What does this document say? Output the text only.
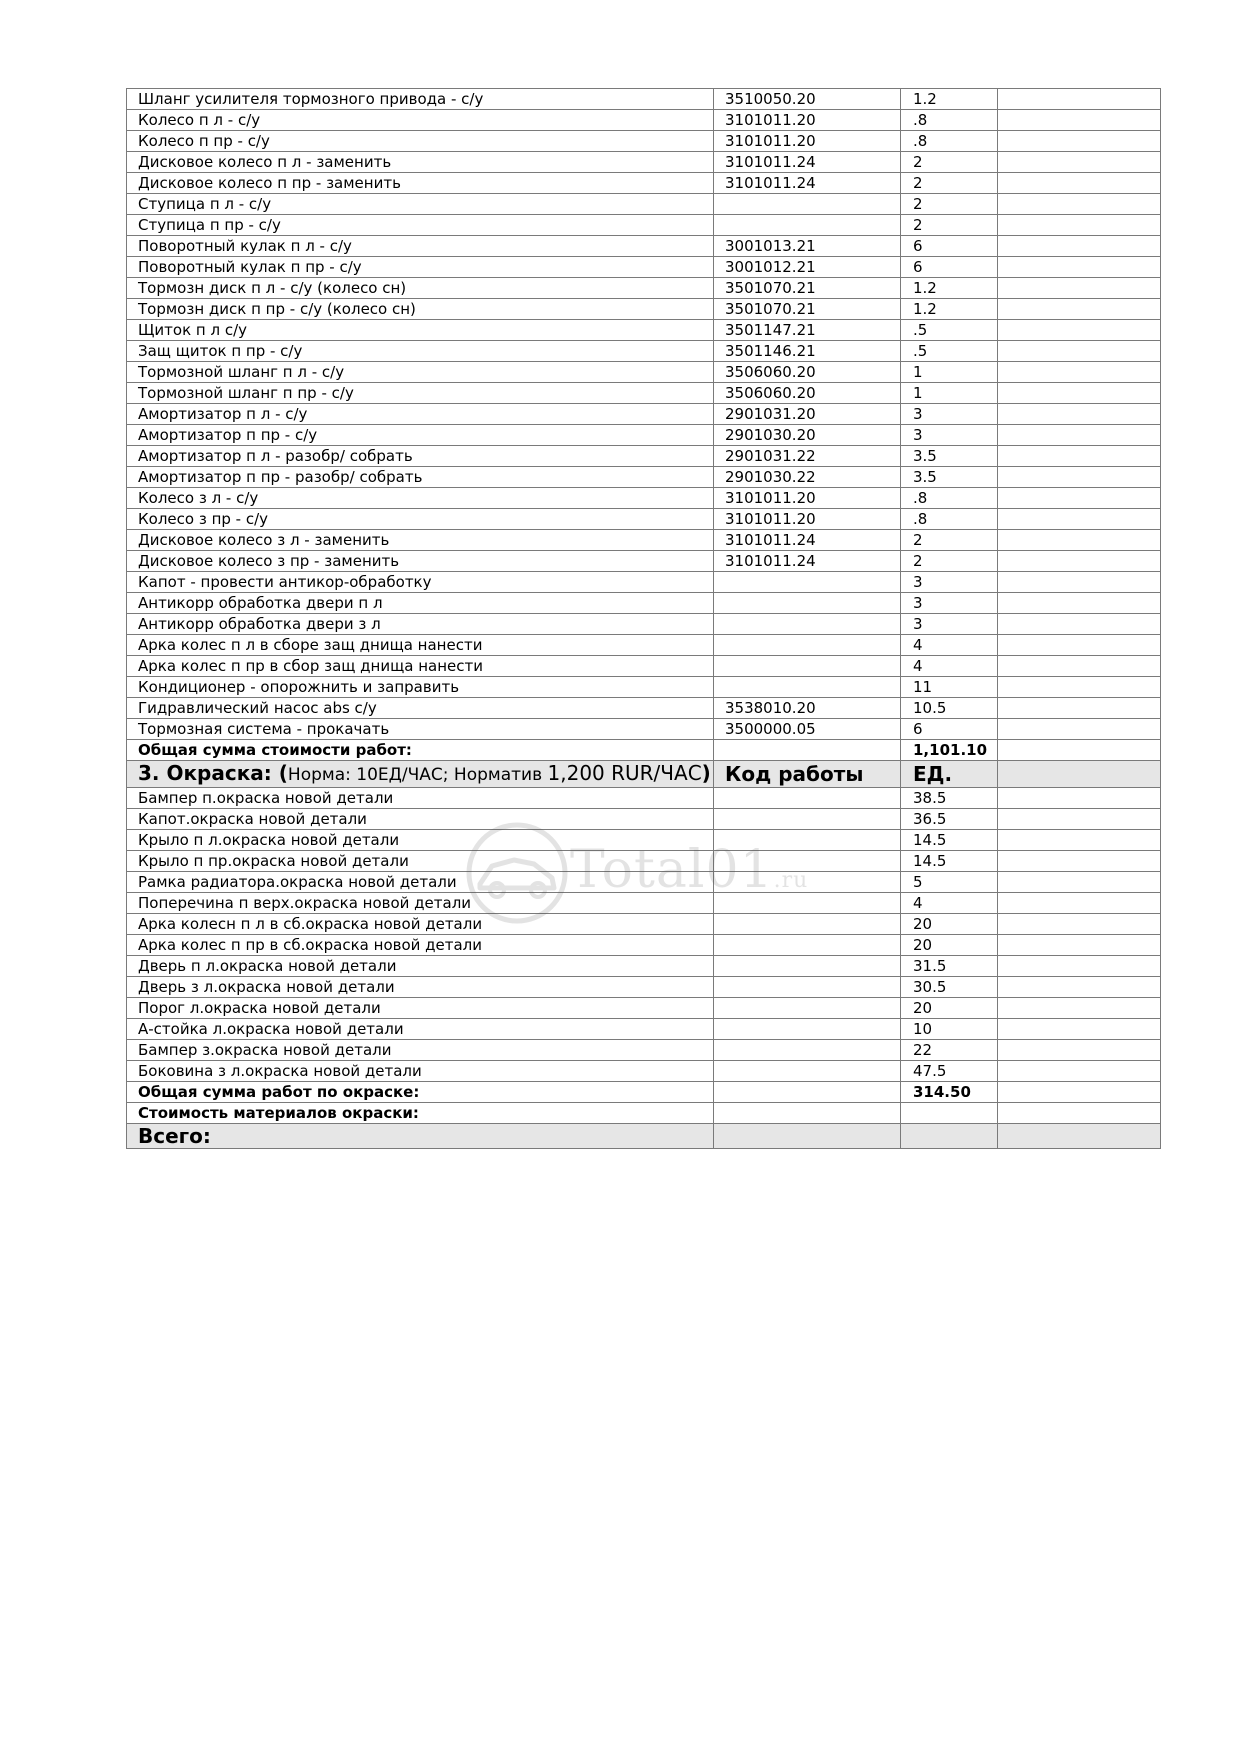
Шланг усилителя тормозного привода - с/у	3510050.20	1.2	
Колесо п л - с/у	3101011.20	.8	
Колесо п пр - с/у	3101011.20	.8	
Дисковое колесо п л - заменить	3101011.24	2	
Дисковое колесо п пр - заменить	3101011.24	2	
Ступица п л - с/у		2	
Ступица п пр - с/у		2	
Поворотный кулак п л - с/у	3001013.21	6	
Поворотный кулак п пр - с/у	3001012.21	6	
Тормозн диск п л - с/у (колесо сн)	3501070.21	1.2	
Тормозн диск п пр - с/у (колесо сн)	3501070.21	1.2	
Щиток п л с/у	3501147.21	.5	
Защ щиток п пр - с/у	3501146.21	.5	
Тормозной шланг п л - с/у	3506060.20	1	
Тормозной шланг п пр - с/у	3506060.20	1	
Амортизатор п л - с/у	2901031.20	3	
Амортизатор п пр - с/у	2901030.20	3	
Амортизатор п л - разобр/ собрать	2901031.22	3.5	
Амортизатор п пр - разобр/ собрать	2901030.22	3.5	
Колесо з л - с/у	3101011.20	.8	
Колесо з пр - с/у	3101011.20	.8	
Дисковое колесо з л - заменить	3101011.24	2	
Дисковое колесо з пр - заменить	3101011.24	2	
Капот - провести антикор-обработку		3	
Антикорр обработка двери п л		3	
Антикорр обработка двери з л		3	
Арка колес п л в сборе защ днища нанести		4	
Арка колес п пр в сбор защ днища нанести		4	
Кондиционер - опорожнить и заправить		11	
Гидравлический насос abs с/у	3538010.20	10.5	
Тормозная система - прокачать	3500000.05	6	
Общая сумма стоимости работ:		1,101.10	
3. Окраска: (Норма: 10ЕД/ЧАС; Норматив 1,200 RUR/ЧАС)	Код работы	ЕД.	
Бампер п.окраска новой детали		38.5	
Капот.окраска новой детали		36.5	
Крыло п л.окраска новой детали		14.5	
Крыло п пр.окраска новой детали		14.5	
Рамка радиатора.окраска новой детали		5	
Поперечина п верх.окраска новой детали		4	
Арка колесн п л в сб.окраска новой детали		20	
Арка колес п пр в сб.окраска новой детали		20	
Дверь п л.окраска новой детали		31.5	
Дверь з л.окраска новой детали		30.5	
Порог л.окраска новой детали		20	
А-стойка л.окраска новой детали		10	
Бампер з.окраска новой детали		22	
Боковина з л.окраска новой детали		47.5	
Общая сумма работ по окраске:		314.50	
Стоимость материалов окраски:			
Всего:			
Total01.ru
